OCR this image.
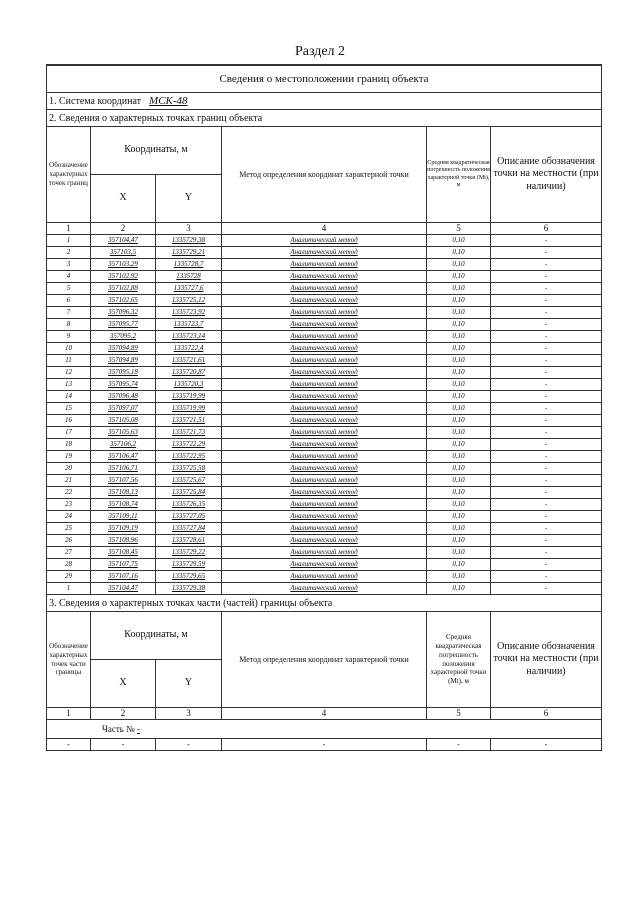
Раздел 2
Сведения о местоположении границ объекта					
1. Система координат МСК-48					
2. Сведения о характерных точках границ объекта					
Обозначение характерных точек границ	Координаты, м		Метод определения координат характерной точки	Средняя квадратическая погрешность положения характерной точки (Mt), м	Описание обозначения точки на местности (при наличии)
	X	Y			
1	2	3	4	5	6
1	357104,47	1335729,38	Аналитический метод	0,10	-
2	357103,5	1335729,21	Аналитический метод	0,10	-
3	357103,29	1335728,7	Аналитический метод	0,10	-
4	357102,92	1335728	Аналитический метод	0,10	-
5	357102,88	1335727,6	Аналитический метод	0,10	-
6	357102,65	1335725,12	Аналитический метод	0,10	-
7	357096,32	1335723,92	Аналитический метод	0,10	-
8	357095,77	1335723,7	Аналитический метод	0,10	-
9	357095,2	1335723,14	Аналитический метод	0,10	-
10	357094,89	1335722,4	Аналитический метод	0,10	-
11	357094,89	1335721,61	Аналитический метод	0,10	-
12	357095,18	1335720,87	Аналитический метод	0,10	-
13	357095,74	1335720,3	Аналитический метод	0,10	-
14	357096,48	1335719,99	Аналитический метод	0,10	-
15	357097,07	1335719,99	Аналитический метод	0,10	-
16	357105,08	1335721,51	Аналитический метод	0,10	-
17	357105,63	1335721,73	Аналитический метод	0,10	-
18	357106,2	1335722,29	Аналитический метод	0,10	-
19	357106,47	1335722,95	Аналитический метод	0,10	-
20	357106,71	1335725,58	Аналитический метод	0,10	-
21	357107,56	1335725,67	Аналитический метод	0,10	-
22	357108,13	1335725,84	Аналитический метод	0,10	-
23	357108,74	1335726,35	Аналитический метод	0,10	-
24	357109,11	1335727,05	Аналитический метод	0,10	-
25	357109,19	1335727,84	Аналитический метод	0,10	-
26	357108,96	1335728,61	Аналитический метод	0,10	-
27	357108,45	1335729,22	Аналитический метод	0,10	-
28	357107,75	1335729,59	Аналитический метод	0,10	-
29	357107,16	1335729,65	Аналитический метод	0,10	-
1	357104,47	1335729,38	Аналитический метод	0,10	-
3. Сведения о характерных точках части (частей) границы объекта					
Обозначение характерных точек части границы	Координаты, м		Метод определения координат характерной точки	Средняя квадратическая погрешность положения характерной точки (Mt), м	Описание обозначения точки на местности (при наличии)
	X	Y			
1	2	3	4	5	6
Часть № -					
-	-	-	-	-	-
